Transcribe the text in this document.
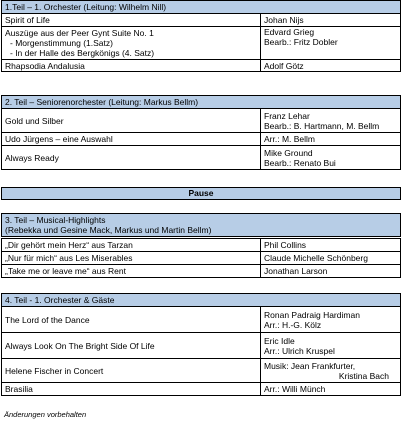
1.Teil – 1. Orchester (Leitung: Wilhelm Nill)
Spirit of Life	Johan Nijs

Auszüge aus der Peer Gynt Suite No. 1
- Morgenstimmung (1.Satz)
- In der Halle des Bergkönigs (4. Satz)	Edvard Grieg
Bearb.: Fritz Dobler

Rhapsodia Andalusia	Adolf Götz
2. Teil – Seniorenorchester (Leitung: Markus Bellm)
Gold und Silber	Franz Lehar
Bearb.: B. Hartmann, M. Bellm

Udo Jürgens – eine Auswahl	Arr.: M. Bellm
Always Ready	Mike Ground
Bearb.: Renato Bui
Pause
3. Teil – Musical-Highlights
(Rebekka und Gesine Mack, Markus und Martin Bellm)
„Dir gehört mein Herz“ aus Tarzan	Phil Collins
„Nur für mich“ aus Les Miserables	Claude Michelle Schönberg
„Take me or leave me“ aus Rent	Jonathan Larson
4. Teil - 1. Orchester & Gäste
The Lord of the Dance	Ronan Padraig Hardiman
Arr.: H.-G. Kölz

Always Look On The Bright Side Of Life	Eric Idle
Arr.: Ulrich Kruspel

Helene Fischer in Concert	Musik: Jean Frankfurter,
Kristina Bach

Brasilia	Arr.: Willi Münch
Änderungen vorbehalten
